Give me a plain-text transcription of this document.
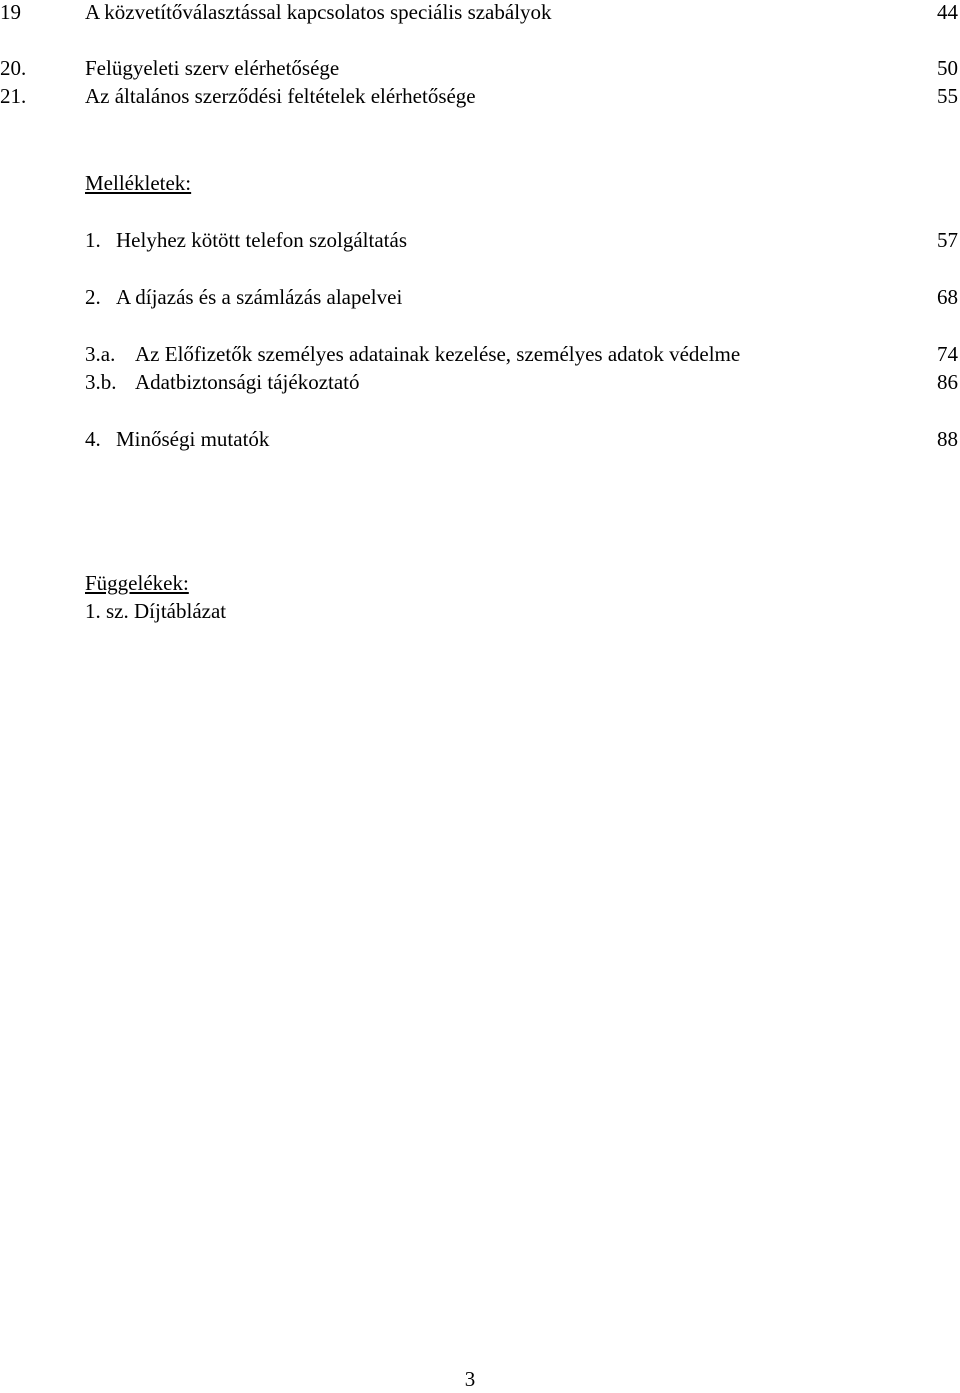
19	A közvetítőválasztással kapcsolatos speciális szabályok	44
20.	Felügyeleti szerv elérhetősége	50
21.	Az általános szerződési feltételek elérhetősége	55
Mellékletek:
1. Helyhez kötött telefon szolgáltatás	57
2. A díjazás és a számlázás alapelvei	68
3.a. Az Előfizetők személyes adatainak kezelése, személyes adatok védelme	74
3.b. Adatbiztonsági tájékoztató	86
4. Minőségi mutatók	88
Függelékek:
1. sz. Díjtáblázat
3
